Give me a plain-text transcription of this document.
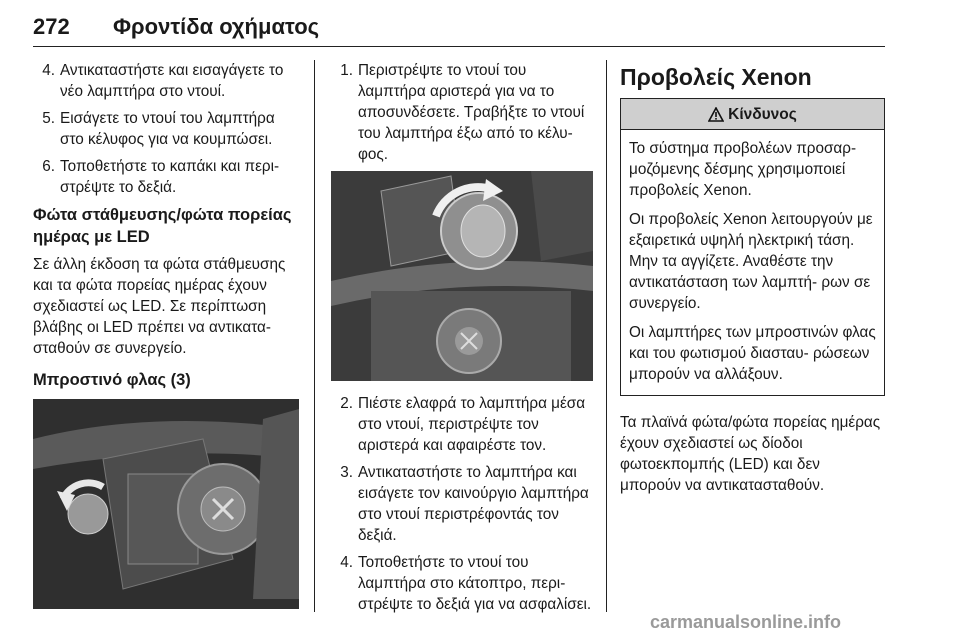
272 Φροντίδα οχήματος
4. Αντικαταστήστε και εισαγάγετε το νέο λαμπτήρα στο ντουί.
5. Εισάγετε το ντουί του λαμπτήρα στο κέλυφος για να κουμπώσει.
6. Τοποθετήστε το καπάκι και περι‐ στρέψτε το δεξιά.
Φώτα στάθμευσης/φώτα πορείας ημέρας με LED

Σε άλλη έκδοση τα φώτα στάθμευσης και τα φώτα πορείας ημέρας έχουν σχεδιαστεί ως LED. Σε περίπτωση βλάβης οι LED πρέπει να αντικατα‐ σταθούν σε συνεργείο.

Μπροστινό φλας (3)
1. Περιστρέψτε το ντουί του λαμπτήρα αριστερά για να το αποσυνδέσετε. Τραβήξτε το ντουί του λαμπτήρα έξω από το κέλυ‐ φος.
2. Πιέστε ελαφρά το λαμπτήρα μέσα στο ντουί, περιστρέψτε τον αριστερά και αφαιρέστε τον.
3. Αντικαταστήστε το λαμπτήρα και εισάγετε τον καινούργιο λαμπτήρα στο ντουί περιστρέφοντάς τον δεξιά.
4. Τοποθετήστε το ντουί του λαμπτήρα στο κάτοπτρο, περι‐ στρέψτε το δεξιά για να ασφαλίσει.
Προβολείς Xenon
Κίνδυνος

Το σύστημα προβολέων προσαρ‐ μοζόμενης δέσμης χρησιμοποιεί προβολείς Xenon.

Οι προβολείς Xenon λειτουργούν με εξαιρετικά υψηλή ηλεκτρική τάση. Μην τα αγγίζετε. Αναθέστε την αντικατάσταση των λαμπτή‐ ρων σε συνεργείο.

Οι λαμπτήρες των μπροστινών φλας και του φωτισμού διασταυ‐ ρώσεων μπορούν να αλλάξουν.

Τα πλαϊνά φώτα/φώτα πορείας ημέρας έχουν σχεδιαστεί ως δίοδοι φωτοεκπομπής (LED) και δεν μπορούν να αντικατασταθούν.

carmanualsonline.info
